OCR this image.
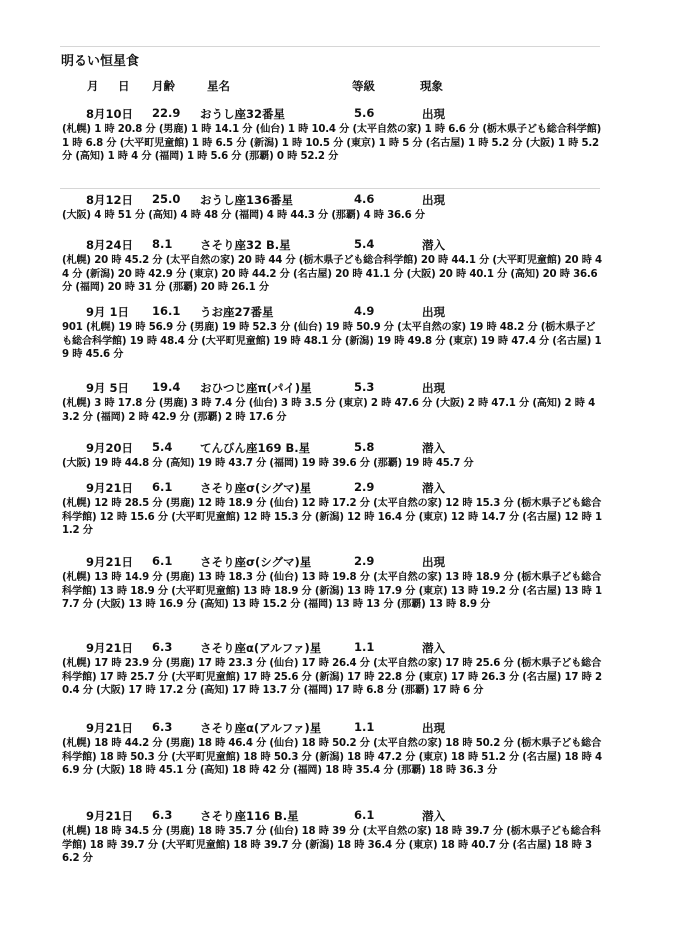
明るい恒星食
月 日 月齢	星名	等級	現象
8月10日 22.9 おうし座32番星	5.6	出現
(札幌) 1 時 20.8 分 (男鹿) 1 時 14.1 分 (仙台) 1 時 10.4 分 (太平自然の家) 1 時 6.6 分 (栃木県子ども総合科学館) 1 時 6.8 分 (大平町児童館) 1 時 6.5 分 (新潟) 1 時 10.5 分 (東京) 1 時 5 分 (名古屋) 1 時 5.2 分 (大阪) 1 時 5.2 分 (高知) 1 時 4 分 (福岡) 1 時 5.6 分 (那覇) 0 時 52.2 分
8月12日 25.0 おうし座136番星	4.6	出現
(大阪) 4 時 51 分 (高知) 4 時 48 分 (福岡) 4 時 44.3 分 (那覇) 4 時 36.6 分
8月24日 8.1 さそり座32 B.星	5.4	潜入
(札幌) 20 時 45.2 分 (太平自然の家) 20 時 44 分 (栃木県子ども総合科学館) 20 時 44.1 分 (大平町児童館) 20 時 44 分 (新潟) 20 時 42.9 分 (東京) 20 時 44.2 分 (名古屋) 20 時 41.1 分 (大阪) 20 時 40.1 分 (高知) 20 時 36.6 分 (福岡) 20 時 31 分 (那覇) 20 時 26.1 分
9月 1日 16.1 うお座27番星	4.9	出現
901 (札幌) 19 時 56.9 分 (男鹿) 19 時 52.3 分 (仙台) 19 時 50.9 分 (太平自然の家) 19 時 48.2 分 (栃木県子ども総合科学館) 19 時 48.4 分 (大平町児童館) 19 時 48.1 分 (新潟) 19 時 49.8 分 (東京) 19 時 47.4 分 (名古屋) 19 時 45.6 分
9月 5日 19.4 おひつじ座π(パイ)星	5.3	出現
(札幌) 3 時 17.8 分 (男鹿) 3 時 7.4 分 (仙台) 3 時 3.5 分 (東京) 2 時 47.6 分 (大阪) 2 時 47.1 分 (高知) 2 時 43.2 分 (福岡) 2 時 42.9 分 (那覇) 2 時 17.6 分
9月20日 5.4 てんびん座169 B.星	5.8	潜入
(大阪) 19 時 44.8 分 (高知) 19 時 43.7 分 (福岡) 19 時 39.6 分 (那覇) 19 時 45.7 分
9月21日 6.1 さそり座σ(シグマ)星	2.9	潜入
(札幌) 12 時 28.5 分 (男鹿) 12 時 18.9 分 (仙台) 12 時 17.2 分 (太平自然の家) 12 時 15.3 分 (栃木県子ども総合科学館) 12 時 15.6 分 (大平町児童館) 12 時 15.3 分 (新潟) 12 時 16.4 分 (東京) 12 時 14.7 分 (名古屋) 12 時 11.2 分
9月21日 6.1 さそり座σ(シグマ)星	2.9	出現
(札幌) 13 時 14.9 分 (男鹿) 13 時 18.3 分 (仙台) 13 時 19.8 分 (太平自然の家) 13 時 18.9 分 (栃木県子ども総合科学館) 13 時 18.9 分 (大平町児童館) 13 時 18.9 分 (新潟) 13 時 17.9 分 (東京) 13 時 19.2 分 (名古屋) 13 時 17.7 分 (大阪) 13 時 16.9 分 (高知) 13 時 15.2 分 (福岡) 13 時 13 分 (那覇) 13 時 8.9 分
9月21日 6.3 さそり座α(アルファ)星	1.1	潜入
(札幌) 17 時 23.9 分 (男鹿) 17 時 23.3 分 (仙台) 17 時 26.4 分 (太平自然の家) 17 時 25.6 分 (栃木県子ども総合科学館) 17 時 25.7 分 (大平町児童館) 17 時 25.6 分 (新潟) 17 時 22.8 分 (東京) 17 時 26.3 分 (名古屋) 17 時 20.4 分 (大阪) 17 時 17.2 分 (高知) 17 時 13.7 分 (福岡) 17 時 6.8 分 (那覇) 17 時 6 分
9月21日 6.3 さそり座α(アルファ)星	1.1	出現
(札幌) 18 時 44.2 分 (男鹿) 18 時 46.4 分 (仙台) 18 時 50.2 分 (太平自然の家) 18 時 50.2 分 (栃木県子ども総合科学館) 18 時 50.3 分 (大平町児童館) 18 時 50.3 分 (新潟) 18 時 47.2 分 (東京) 18 時 51.2 分 (名古屋) 18 時 46.9 分 (大阪) 18 時 45.1 分 (高知) 18 時 42 分 (福岡) 18 時 35.4 分 (那覇) 18 時 36.3 分
9月21日 6.3 さそり座116 B.星	6.1	潜入
(札幌) 18 時 34.5 分 (男鹿) 18 時 35.7 分 (仙台) 18 時 39 分 (太平自然の家) 18 時 39.7 分 (栃木県子ども総合科学館) 18 時 39.7 分 (大平町児童館) 18 時 39.7 分 (新潟) 18 時 36.4 分 (東京) 18 時 40.7 分 (名古屋) 18 時 36.2 分
